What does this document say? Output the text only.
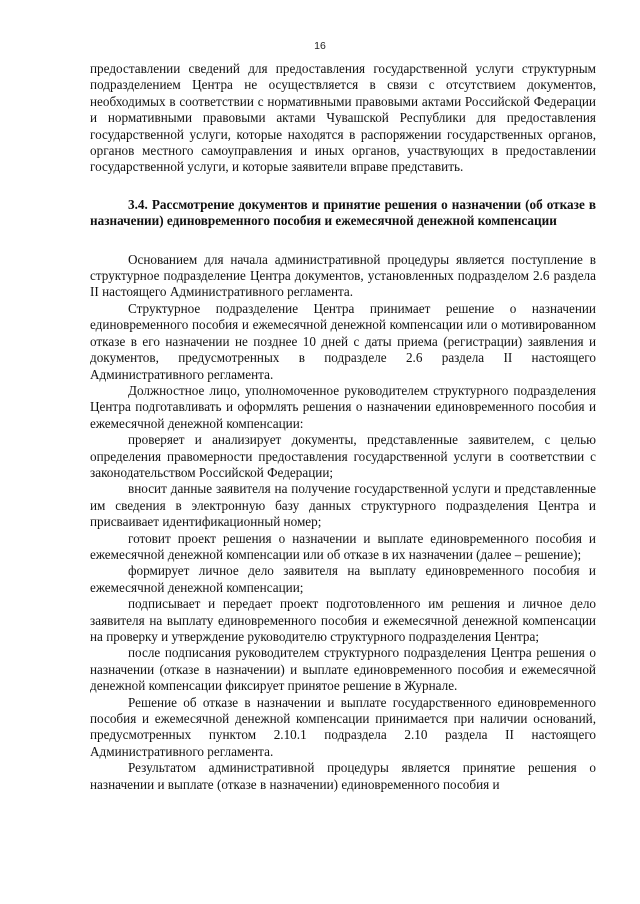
16

предоставлении сведений для предоставления государственной услуги структурным подразделением Центра не осуществляется в связи с отсутствием документов, необходимых в соответствии с нормативными правовыми актами Российской Федерации и нормативными правовыми актами Чувашской Республики для предоставления государственной услуги, которые находятся в распоряжении государственных органов, органов местного самоуправления и иных органов, участвующих в предоставлении государственной услуги, и которые заявители вправе представить.

3.4. Рассмотрение документов и принятие решения о назначении (об отказе в назначении) единовременного пособия и ежемесячной денежной компенсации

Основанием для начала административной процедуры является поступление в структурное подразделение Центра документов, установленных подразделом 2.6 раздела II настоящего Административного регламента.

Структурное подразделение Центра принимает решение о назначении единовременного пособия и ежемесячной денежной компенсации или о мотивированном отказе в его назначении не позднее 10 дней с даты приема (регистрации) заявления и документов, предусмотренных в подразделе 2.6 раздела II настоящего Административного регламента.

Должностное лицо, уполномоченное руководителем структурного подразделения Центра подготавливать и оформлять решения о назначении единовременного пособия и ежемесячной денежной компенсации:

проверяет и анализирует документы, представленные заявителем, с целью определения правомерности предоставления государственной услуги в соответствии с законодательством Российской Федерации;

вносит данные заявителя на получение государственной услуги и представленные им сведения в электронную базу данных структурного подразделения Центра и присваивает идентификационный номер;

готовит проект решения о назначении и выплате единовременного пособия и ежемесячной денежной компенсации или об отказе в их назначении (далее – решение);

формирует личное дело заявителя на выплату единовременного пособия и ежемесячной денежной компенсации;

подписывает и передает проект подготовленного им решения и личное дело заявителя на выплату единовременного пособия и ежемесячной денежной компенсации на проверку и утверждение руководителю структурного подразделения Центра;

после подписания руководителем структурного подразделения Центра решения о назначении (отказе в назначении) и выплате единовременного пособия и ежемесячной денежной компенсации фиксирует принятое решение в Журнале.

Решение об отказе в назначении и выплате государственного единовременного пособия и ежемесячной денежной компенсации принимается при наличии оснований, предусмотренных пунктом 2.10.1 подраздела 2.10 раздела II настоящего Административного регламента.

Результатом административной процедуры является принятие решения о назначении и выплате (отказе в назначении) единовременного пособия и
